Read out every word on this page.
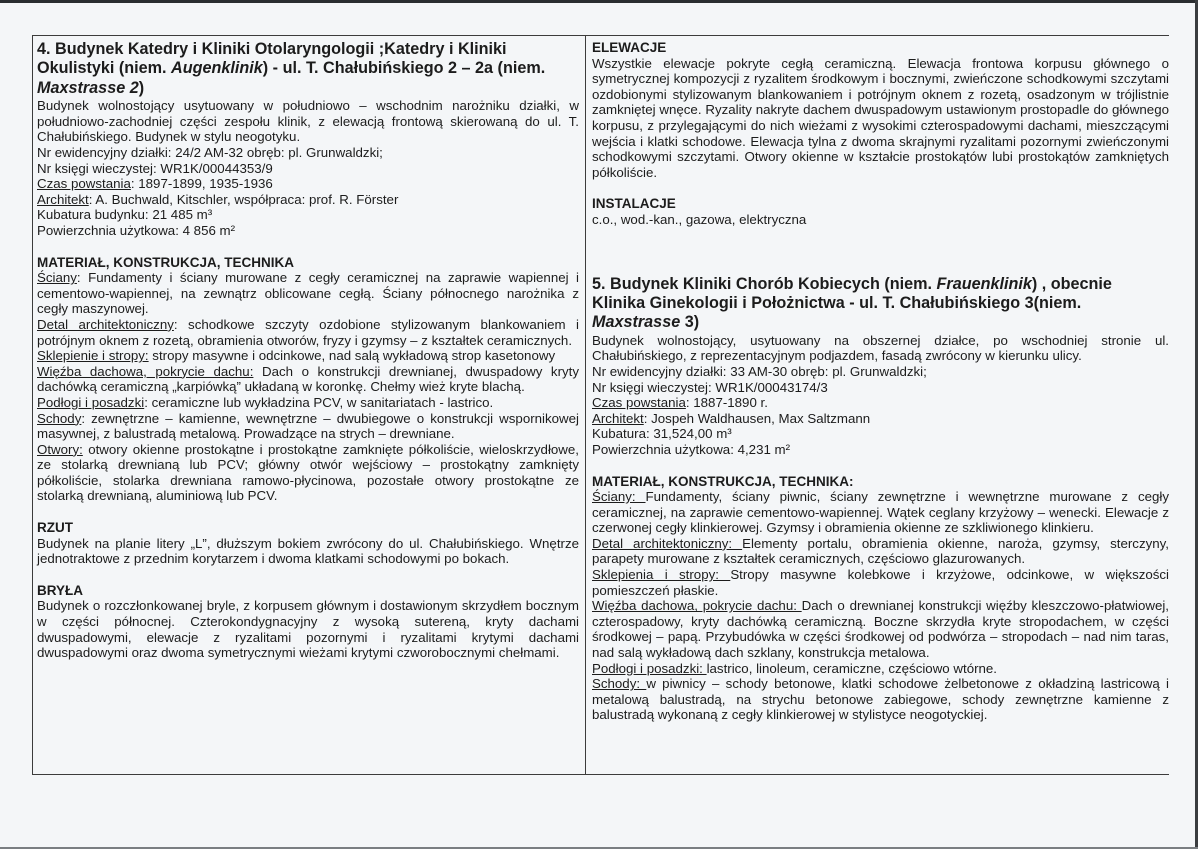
4. Budynek Katedry i Kliniki Otolaryngologii ;Katedry i Kliniki Okulistyki (niem. Augenklinik) - ul. T. Chałubińskiego 2 – 2a (niem. Maxstrasse 2)

Budynek wolnostojący usytuowany w południowo – wschodnim narożniku działki, w południowo-zachodniej części zespołu klinik, z elewacją frontową skierowaną do ul. T. Chałubińskiego. Budynek w stylu neogotyku.

Nr ewidencyjny działki: 24/2 AM-32 obręb: pl. Grunwaldzki;

Nr księgi wieczystej: WR1K/00044353/9

Czas powstania: 1897-1899, 1935-1936

Architekt: A. Buchwald, Kitschler, współpraca: prof. R. Förster

Kubatura budynku: 21 485 m³

Powierzchnia użytkowa: 4 856 m²

MATERIAŁ, KONSTRUKCJA, TECHNIKA

Ściany: Fundamenty i ściany murowane z cegły ceramicznej na zaprawie wapiennej i cementowo-wapiennej, na zewnątrz oblicowane cegłą. Ściany północnego narożnika z cegły maszynowej.

Detal architektoniczny: schodkowe szczyty ozdobione stylizowanym blankowaniem i potrójnym oknem z rozetą, obramienia otworów, fryzy i gzymsy – z kształtek ceramicznych.

Sklepienie i stropy: stropy masywne i odcinkowe, nad salą wykładową strop kasetonowy

Więźba dachowa, pokrycie dachu: Dach o konstrukcji drewnianej, dwuspadowy kryty dachówką ceramiczną „karpiówką” układaną w koronkę. Chełmy wież kryte blachą.

Podłogi i posadzki: ceramiczne lub wykładzina PCV, w sanitariatach - lastrico.

Schody: zewnętrzne – kamienne, wewnętrzne – dwubiegowe o konstrukcji wspornikowej masywnej, z balustradą metalową. Prowadzące na strych – drewniane.

Otwory: otwory okienne prostokątne i prostokątne zamknięte półkoliście, wieloskrzydłowe, ze stolarką drewnianą lub PCV; główny otwór wejściowy – prostokątny zamknięty półkoliście, stolarka drewniana ramowo-płycinowa, pozostałe otwory prostokątne ze stolarką drewnianą, aluminiową lub PCV.

RZUT

Budynek na planie litery „L”, dłuższym bokiem zwrócony do ul. Chałubińskiego. Wnętrze jednotraktowe z przednim korytarzem i dwoma klatkami schodowymi po bokach.

BRYŁA

Budynek o rozczłonkowanej bryle, z korpusem głównym i dostawionym skrzydłem bocznym w części północnej. Czterokondygnacyjny z wysoką sutereną, kryty dachami dwuspadowymi, elewacje z ryzalitami pozornymi i ryzalitami krytymi dachami dwuspadowymi oraz dwoma symetrycznymi wieżami krytymi czworobocznymi chełmami.

ELEWACJE

Wszystkie elewacje pokryte cegłą ceramiczną. Elewacja frontowa korpusu głównego o symetrycznej kompozycji z ryzalitem środkowym i bocznymi, zwieńczone schodkowymi szczytami ozdobionymi stylizowanym blankowaniem i potrójnym oknem z rozetą, osadzonym w trójlistnie zamkniętej wnęce. Ryzality nakryte dachem dwuspadowym ustawionym prostopadle do głównego korpusu, z przylegającymi do nich wieżami z wysokimi czterospadowymi dachami, mieszczącymi wejścia i klatki schodowe. Elewacja tylna z dwoma skrajnymi ryzalitami pozornymi zwieńczonymi schodkowymi szczytami. Otwory okienne w kształcie prostokątów lubi prostokątów zamkniętych półkoliście.

INSTALACJE

c.o., wod.-kan., gazowa, elektryczna

5. Budynek Kliniki Chorób Kobiecych (niem. Frauenklinik) , obecnie Klinika Ginekologii i Położnictwa - ul. T. Chałubińskiego 3(niem. Maxstrasse 3)

Budynek wolnostojący, usytuowany na obszernej działce, po wschodniej stronie ul. Chałubińskiego, z reprezentacyjnym podjazdem, fasadą zwrócony w kierunku ulicy.

Nr ewidencyjny działki: 33 AM-30 obręb: pl. Grunwaldzki;

Nr księgi wieczystej: WR1K/00043174/3

Czas powstania: 1887-1890 r.

Architekt: Jospeh Waldhausen, Max Saltzmann

Kubatura: 31,524,00 m³

Powierzchnia użytkowa: 4,231 m²

MATERIAŁ, KONSTRUKCJA, TECHNIKA:

Ściany: Fundamenty, ściany piwnic, ściany zewnętrzne i wewnętrzne murowane z cegły ceramicznej, na zaprawie cementowo-wapiennej. Wątek ceglany krzyżowy – wenecki. Elewacje z czerwonej cegły klinkierowej. Gzymsy i obramienia okienne ze szkliwionego klinkieru.

Detal architektoniczny: Elementy portalu, obramienia okienne, naroża, gzymsy, sterczyny, parapety murowane z kształtek ceramicznych, częściowo glazurowanych.

Sklepienia i stropy: Stropy masywne kolebkowe i krzyżowe, odcinkowe, w większości pomieszczeń płaskie.

Więźba dachowa, pokrycie dachu: Dach o drewnianej konstrukcji więźby kleszczowo-płatwiowej, czterospadowy, kryty dachówką ceramiczną. Boczne skrzydła kryte stropodachem, w części środkowej – papą. Przybudówka w części środkowej od podwórza – stropodach – nad nim taras, nad salą wykładową dach szklany, konstrukcja metalowa.

Podłogi i posadzki: lastrico, linoleum, ceramiczne, częściowo wtórne.

Schody: w piwnicy – schody betonowe, klatki schodowe żelbetonowe z okładziną lastricową i metalową balustradą, na strychu betonowe zabiegowe, schody zewnętrzne kamienne z balustradą wykonaną z cegły klinkierowej w stylistyce neogotyckiej.
